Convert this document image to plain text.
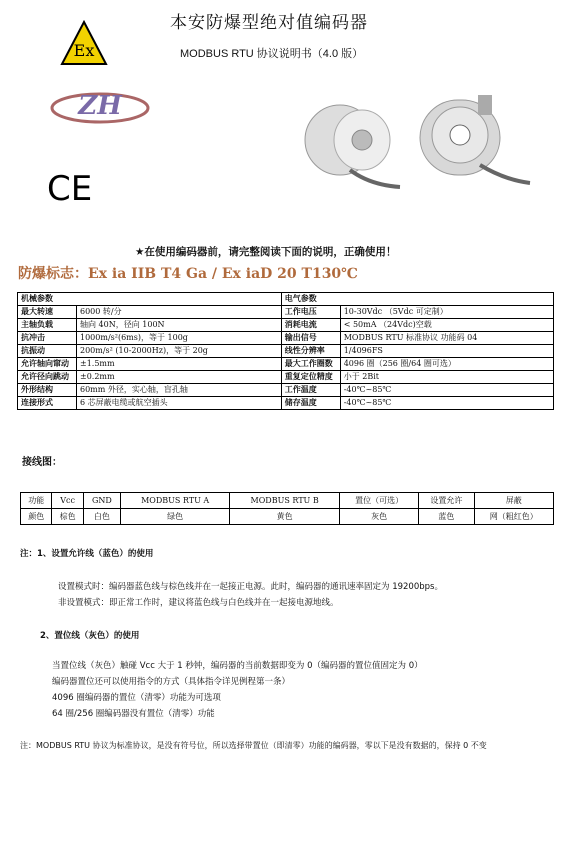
本安防爆型绝对值编码器
MODBUS RTU 协议说明书（4.0 版）
Ex
ZH
CE
★在使用编码器前，请完整阅读下面的说明，正确使用！
防爆标志：Ex ia IIB T4 Ga / Ex iaD 20 T130℃
机械参数		电气参数	
最大转速	6000 转/分	工作电压	10-30Vdc （5Vdc 可定制）
主轴负载	轴向 40N，径向 100N	消耗电流	< 50mA （24Vdc)空载
抗冲击	1000m/s²(6ms)，等于 100g	输出信号	MODBUS RTU 标准协议 功能码 04
抗振动	200m/s² (10-2000Hz)，等于 20g	线性分辨率	1/4096FS
允许轴向窜动	±1.5mm	最大工作圈数	4096 圈（256 圈/64 圈可选）
允许径向跳动	±0.2mm	重复定位精度	小于 2Bit
外形结构	60mm 外径，实心轴，盲孔轴	工作温度	-40℃~85℃
连接形式	6 芯屏蔽电缆或航空插头	储存温度	-40℃~85℃
接线图：
功能	Vcc	GND	MODBUS RTU A	MODBUS RTU B	置位（可选）	设置允许	屏蔽
颜色	棕色	白色	绿色	黄色	灰色	蓝色	网（粗红色）
注：1、设置允许线（蓝色）的使用
设置模式时：编码器蓝色线与棕色线并在一起接正电源。此时，编码器的通讯速率固定为 19200bps。
非设置模式：即正常工作时，建议将蓝色线与白色线并在一起接电源地线。
2、置位线（灰色）的使用
当置位线（灰色）触碰 Vcc 大于 1 秒钟，编码器的当前数据即变为 0（编码器的置位值固定为 0）
编码器置位还可以使用指令的方式（具体指令详见例程第一条）
4096 圈编码器的置位（清零）功能为可选项
64 圈/256 圈编码器没有置位（清零）功能
注：MODBUS RTU 协议为标准协议，是没有符号位，所以选择带置位（即清零）功能的编码器，零以下是没有数据的，保持 0 不变
